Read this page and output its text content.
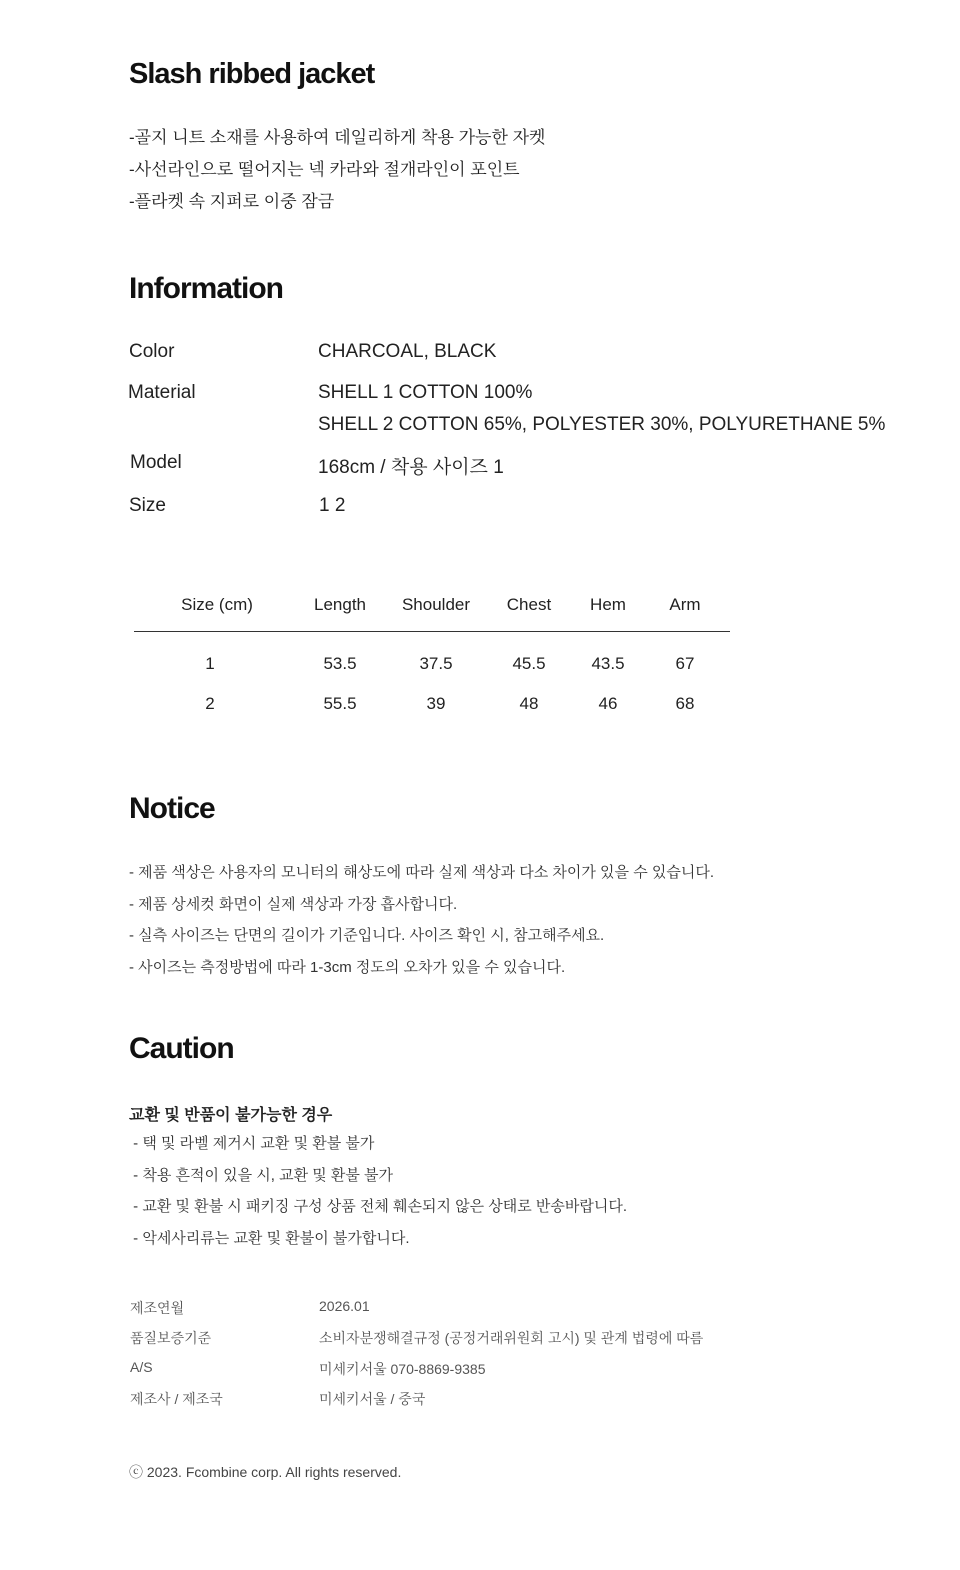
Slash ribbed jacket
-골지 니트 소재를 사용하여 데일리하게 착용 가능한 자켓
-사선라인으로 떨어지는 넥 카라와 절개라인이 포인트
-플라켓 속 지퍼로 이중 잠금
Information
Color	CHARCOAL, BLACK
Material	SHELL 1 COTTON 100%
SHELL 2 COTTON 65%, POLYESTER 30%, POLYURETHANE 5%
Model	168cm / 착용 사이즈 1
Size	1 2
Size (cm)	Length	Shoulder	Chest	Hem	Arm
1	53.5	37.5	45.5	43.5	67
2	55.5	39	48	46	68
Notice
- 제품 색상은 사용자의 모니터의 해상도에 따라 실제 색상과 다소 차이가 있을 수 있습니다.
- 제품 상세컷 화면이 실제 색상과 가장 흡사합니다.
- 실측 사이즈는 단면의 길이가 기준입니다. 사이즈 확인 시, 참고해주세요.
- 사이즈는 측정방법에 따라 1-3cm 정도의 오차가 있을 수 있습니다.
Caution
교환 및 반품이 불가능한 경우
- 택 및 라벨 제거시 교환 및 환불 불가
- 착용 흔적이 있을 시, 교환 및 환불 불가
- 교환 및 환불 시 패키징 구성 상품 전체 훼손되지 않은 상태로 반송바랍니다.
- 악세사리류는 교환 및 환불이 불가합니다.
제조연월	2026.01
품질보증기준	소비자분쟁해결규정 (공정거래위원회 고시) 및 관계 법령에 따름
A/S	미세키서울 070-8869-9385
제조사 / 제조국	미세키서울 / 중국
ⓒ 2023. Fcombine corp. All rights reserved.
